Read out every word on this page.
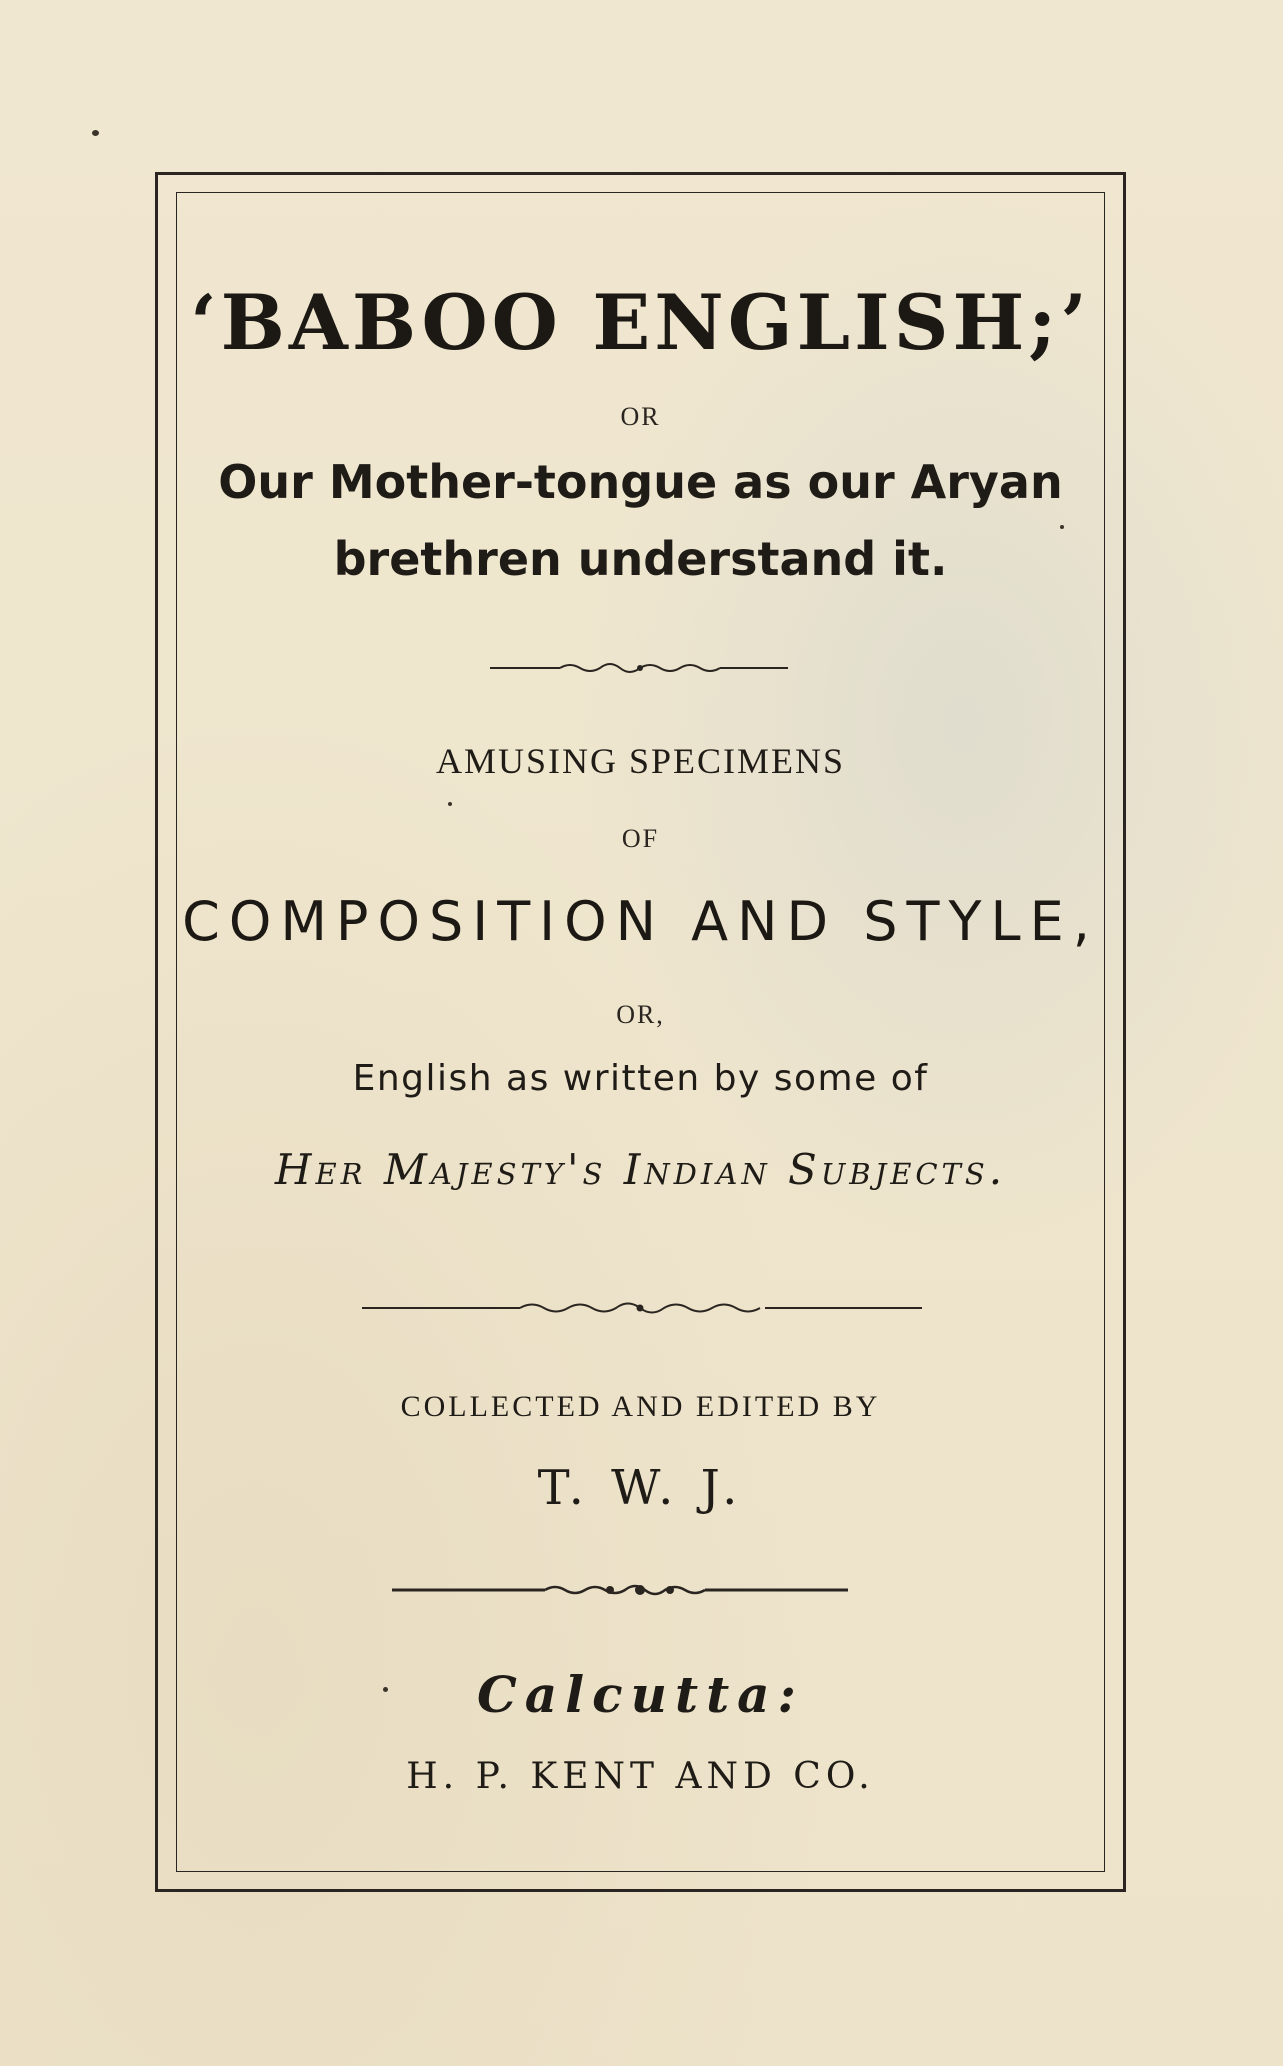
‘BABOO ENGLISH;’
OR
Our Mother-tongue as our Aryan
brethren understand it.
AMUSING SPECIMENS
OF
COMPOSITION AND STYLE,
OR,
English as written by some of
Her Majesty's Indian Subjects.
COLLECTED AND EDITED BY
T. W. J.
Calcutta:
H. P. KENT AND CO.
